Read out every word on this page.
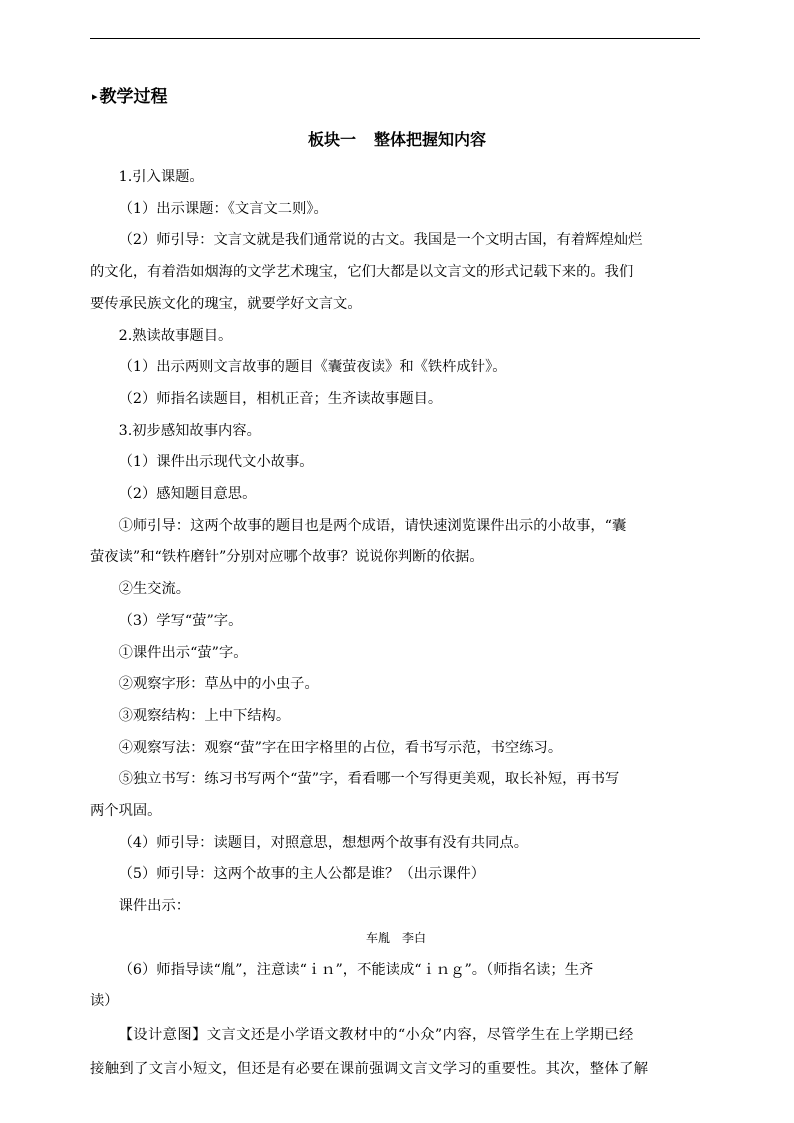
▸ 教学过程
板块一 整体把握知内容

1.引入课题。

（1）出示课题：《文言文二则》。

（2）师引导：文言文就是我们通常说的古文。我国是一个文明古国，有着辉煌灿烂

的文化，有着浩如烟海的文学艺术瑰宝，它们大都是以文言文的形式记载下来的。我们

要传承民族文化的瑰宝，就要学好文言文。

2.熟读故事题目。

（1）出示两则文言故事的题目《囊萤夜读》和《铁杵成针》。

（2）师指名读题目，相机正音；生齐读故事题目。

3.初步感知故事内容。

（1）课件出示现代文小故事。

（2）感知题目意思。

①师引导：这两个故事的题目也是两个成语，请快速浏览课件出示的小故事，“囊

萤夜读”和“铁杵磨针”分别对应哪个故事？说说你判断的依据。

②生交流。

（3）学写“萤”字。

①课件出示“萤”字。

②观察字形：草丛中的小虫子。

③观察结构：上中下结构。

④观察写法：观察“萤”字在田字格里的占位，看书写示范，书空练习。

⑤独立书写：练习书写两个“萤”字，看看哪一个写得更美观，取长补短，再书写

两个巩固。

（4）师引导：读题目，对照意思，想想两个故事有没有共同点。

（5）师引导：这两个故事的主人公都是谁？（出示课件）

课件出示：

车胤　李白

（6）师指导读“胤”，注意读“ｉｎ”，不能读成“ｉｎｇ”。（师指名读；生齐

读）

【设计意图】文言文还是小学语文教材中的“小众”内容，尽管学生在上学期已经

接触到了文言小短文，但还是有必要在课前强调文言文学习的重要性。其次，整体了解
